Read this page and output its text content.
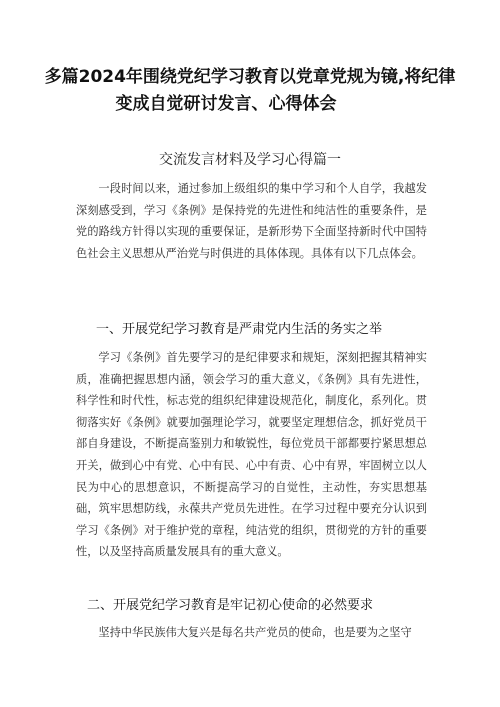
多篇2024年围绕党纪学习教育以党章党规为镜,将纪律
变成自觉研讨发言、心得体会
交流发言材料及学习心得篇一

一段时间以来，通过参加上级组织的集中学习和个人自学，我越发深刻感受到，学习《条例》是保持党的先进性和纯洁性的重要条件，是党的路线方针得以实现的重要保证，是新形势下全面坚持新时代中国特色社会主义思想从严治党与时俱进的具体体现。具体有以下几点体会。

一、开展党纪学习教育是严肃党内生活的务实之举

学习《条例》首先要学习的是纪律要求和规矩，深刻把握其精神实质，准确把握思想内涵，领会学习的重大意义，《条例》具有先进性，科学性和时代性，标志党的组织纪律建设规范化，制度化，系列化。贯彻落实好《条例》就要加强理论学习，就要坚定理想信念，抓好党员干部自身建设，不断提高鉴别力和敏锐性，每位党员干部都要拧紧思想总开关，做到心中有党、心中有民、心中有责、心中有界，牢固树立以人民为中心的思想意识，不断提高学习的自觉性，主动性，夯实思想基础，筑牢思想防线，永葆共产党员先进性。在学习过程中要充分认识到学习《条例》对于维护党的章程，纯洁党的组织，贯彻党的方针的重要性，以及坚持高质量发展具有的重大意义。

二、开展党纪学习教育是牢记初心使命的必然要求

坚持中华民族伟大复兴是每名共产党员的使命，也是要为之坚守
